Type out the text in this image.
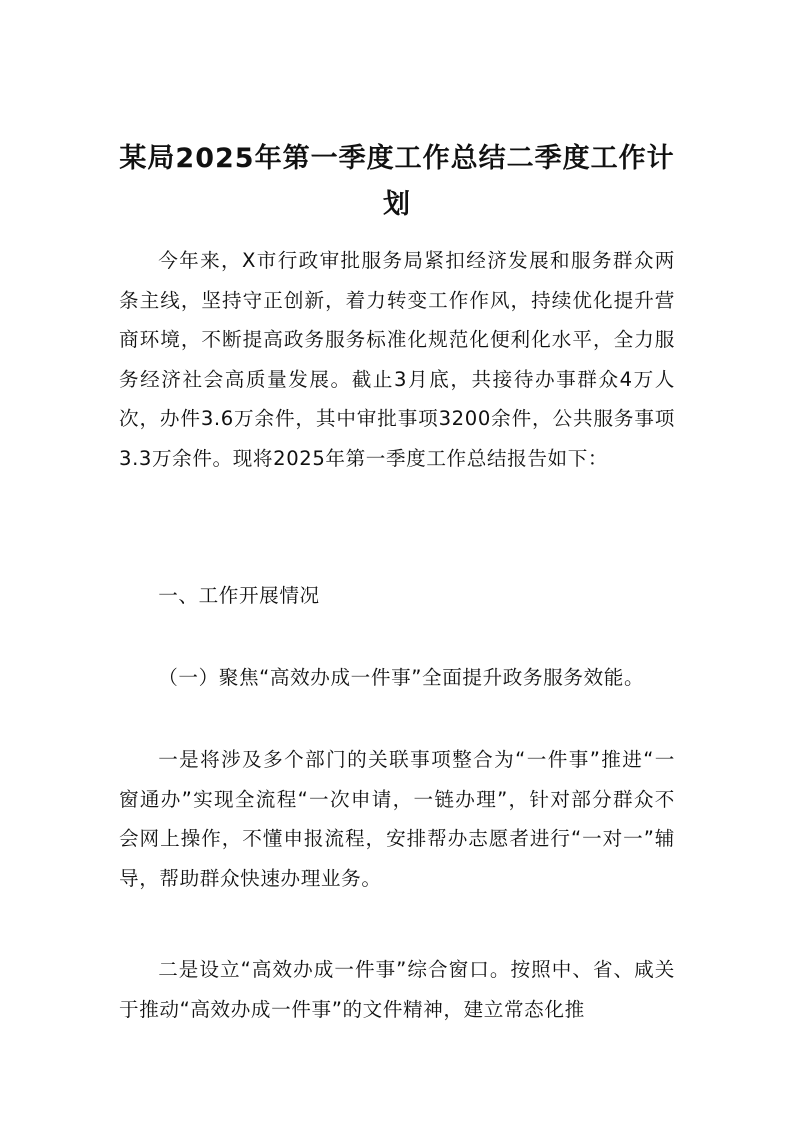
某局2025年第一季度工作总结二季度工作计划

今年来，X市行政审批服务局紧扣经济发展和服务群众两条主线，坚持守正创新，着力转变工作作风，持续优化提升营商环境，不断提高政务服务标准化规范化便利化水平，全力服务经济社会高质量发展。截止3月底，共接待办事群众4万人次，办件3.6万余件，其中审批事项3200余件，公共服务事项3.3万余件。现将2025年第一季度工作总结报告如下：

一、工作开展情况

（一）聚焦“高效办成一件事”全面提升政务服务效能。

一是将涉及多个部门的关联事项整合为“一件事”推进“一窗通办”实现全流程“一次申请，一链办理”，针对部分群众不会网上操作，不懂申报流程，安排帮办志愿者进行“一对一”辅导，帮助群众快速办理业务。

二是设立“高效办成一件事”综合窗口。按照中、省、咸关于推动“高效办成一件事”的文件精神，建立常态化推
